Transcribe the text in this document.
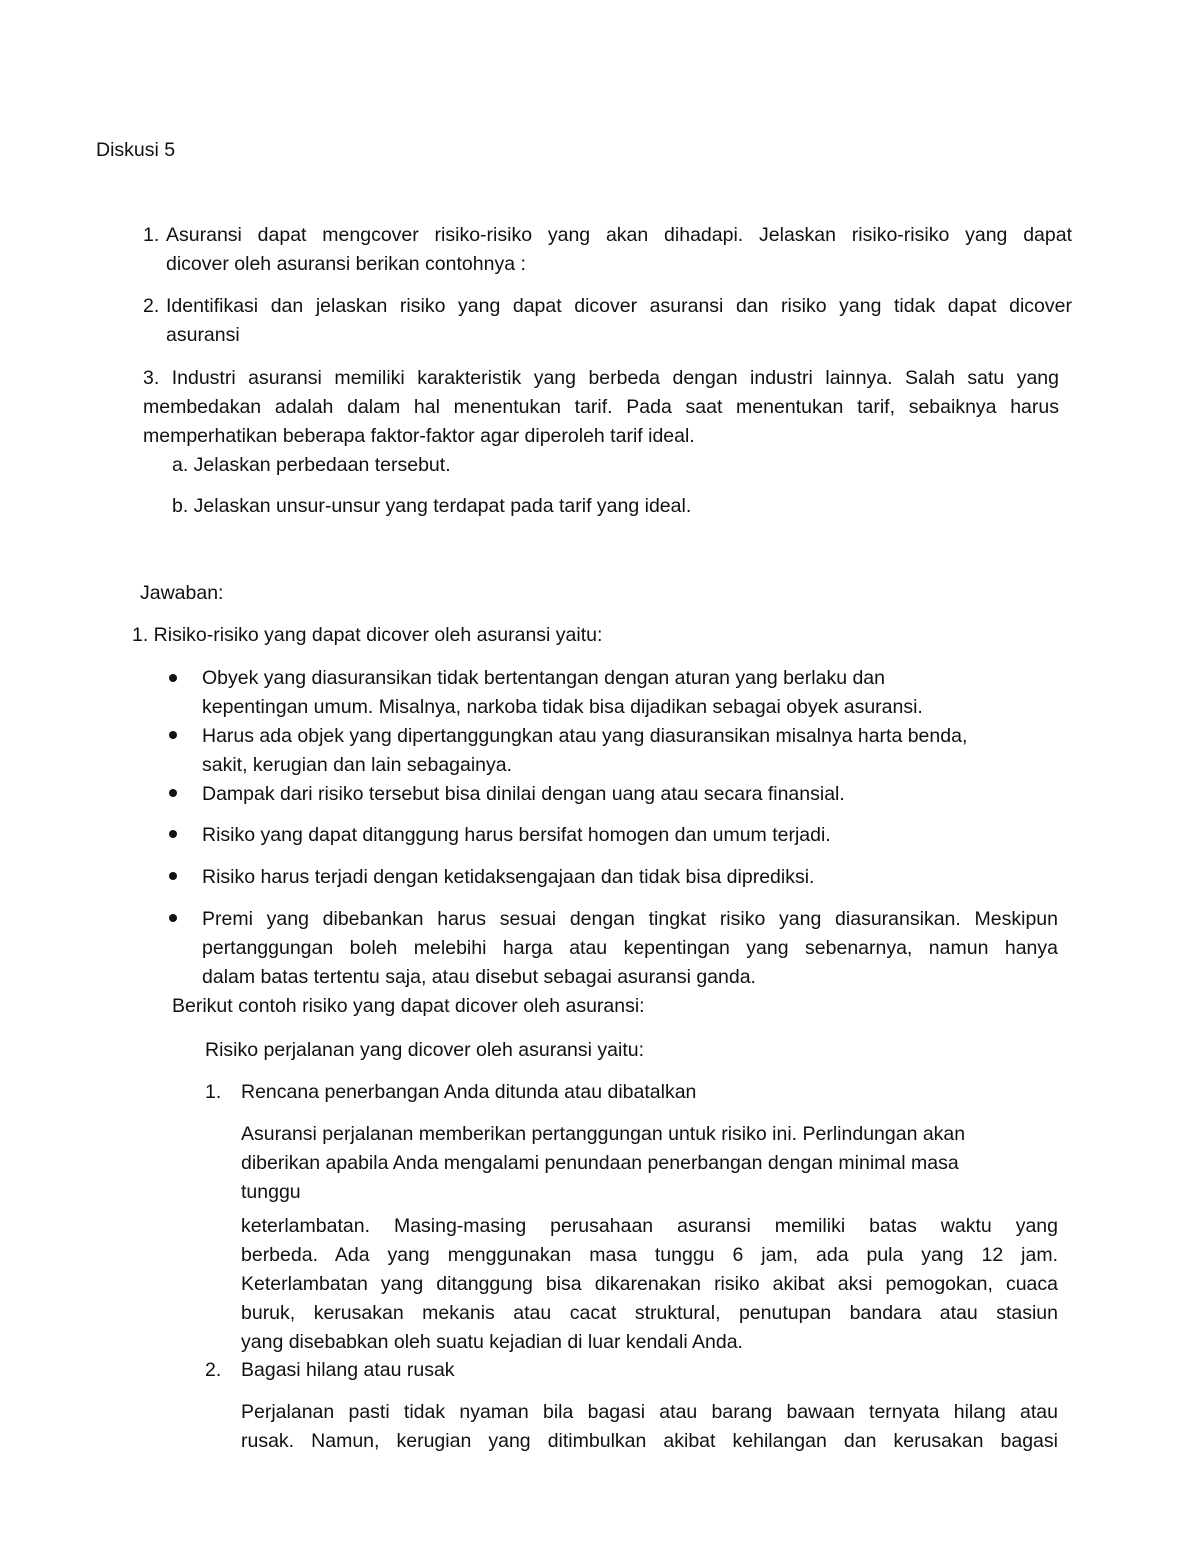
Diskusi 5
1. Asuransi dapat mengcover risiko-risiko yang akan dihadapi. Jelaskan risiko-risiko yang dapat
dicover oleh asuransi berikan contohnya :
2. Identifikasi dan jelaskan risiko yang dapat dicover asuransi dan risiko yang tidak dapat dicover
asuransi
3. Industri asuransi memiliki karakteristik yang berbeda dengan industri lainnya. Salah satu yang
membedakan adalah dalam hal menentukan tarif. Pada saat menentukan tarif, sebaiknya harus
memperhatikan beberapa faktor-faktor agar diperoleh tarif ideal.
a. Jelaskan perbedaan tersebut.
b. Jelaskan unsur-unsur yang terdapat pada tarif yang ideal.
Jawaban:
1. Risiko-risiko yang dapat dicover oleh asuransi yaitu:
Obyek yang diasuransikan tidak bertentangan dengan aturan yang berlaku dan
kepentingan umum. Misalnya, narkoba tidak bisa dijadikan sebagai obyek asuransi.
Harus ada objek yang dipertanggungkan atau yang diasuransikan misalnya harta benda,
sakit, kerugian dan lain sebagainya.
Dampak dari risiko tersebut bisa dinilai dengan uang atau secara finansial.
Risiko yang dapat ditanggung harus bersifat homogen dan umum terjadi.
Risiko harus terjadi dengan ketidaksengajaan dan tidak bisa diprediksi.
Premi yang dibebankan harus sesuai dengan tingkat risiko yang diasuransikan. Meskipun
pertanggungan boleh melebihi harga atau kepentingan yang sebenarnya, namun hanya
dalam batas tertentu saja, atau disebut sebagai asuransi ganda.
Berikut contoh risiko yang dapat dicover oleh asuransi:
Risiko perjalanan yang dicover oleh asuransi yaitu:
1. Rencana penerbangan Anda ditunda atau dibatalkan
Asuransi perjalanan memberikan pertanggungan untuk risiko ini. Perlindungan akan
diberikan apabila Anda mengalami penundaan penerbangan dengan minimal masa
tunggu
keterlambatan. Masing-masing perusahaan asuransi memiliki batas waktu yang
berbeda. Ada yang menggunakan masa tunggu 6 jam, ada pula yang 12 jam.
Keterlambatan yang ditanggung bisa dikarenakan risiko akibat aksi pemogokan, cuaca
buruk, kerusakan mekanis atau cacat struktural, penutupan bandara atau stasiun
yang disebabkan oleh suatu kejadian di luar kendali Anda.
2. Bagasi hilang atau rusak
Perjalanan pasti tidak nyaman bila bagasi atau barang bawaan ternyata hilang atau
rusak. Namun, kerugian yang ditimbulkan akibat kehilangan dan kerusakan bagasi
